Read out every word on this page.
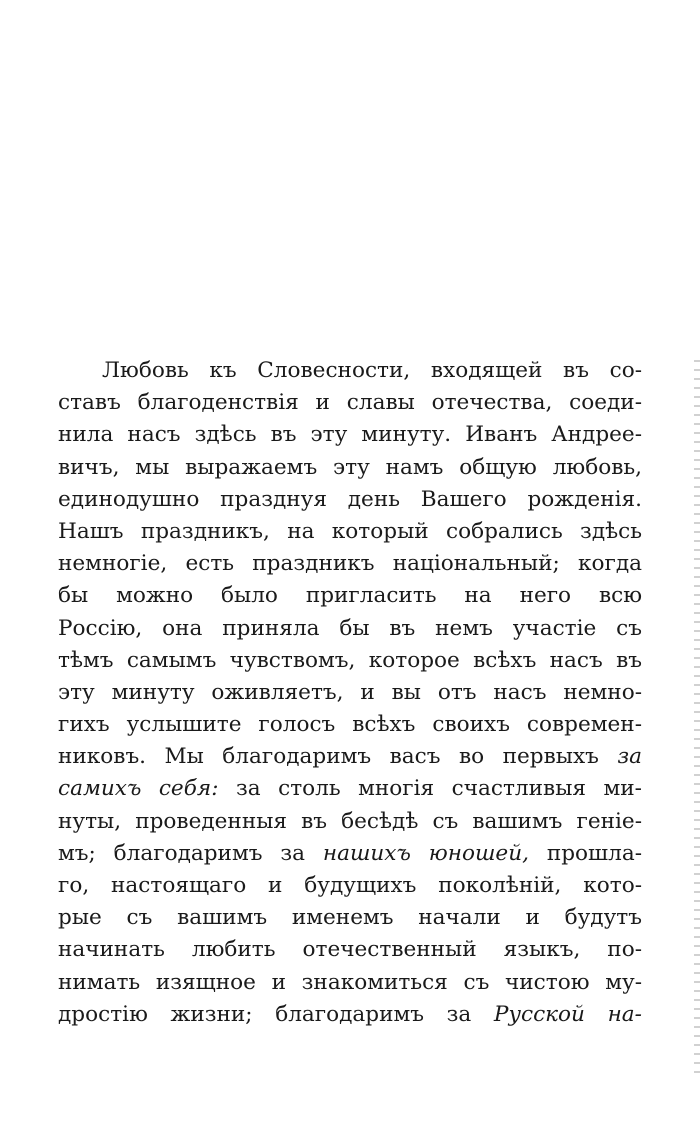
Любовь къ Словесности, входящей въ со-
ставъ благоденствія и славы отечества, соеди-
нила насъ здѣсь въ эту минуту. Иванъ Андрее-
вичъ, мы выражаемъ эту намъ общую любовь,
единодушно празднуя день Вашего рожденія.
Нашъ праздникъ, на который собрались здѣсь
немногіе, есть праздникъ національный; когда
бы можно было пригласить на него всю
Россію, она приняла бы въ немъ участіе съ
тѣмъ самымъ чувствомъ, которое всѣхъ насъ въ
эту минуту оживляетъ, и вы отъ насъ немно-
гихъ услышите голосъ всѣхъ своихъ современ-
никовъ. Мы благодаримъ васъ во первыхъ за
самихъ себя: за столь многія счастливыя ми-
нуты, проведенныя въ бесѣдѣ съ вашимъ геніе-
мъ; благодаримъ за нашихъ юношей, прошла-
го, настоящаго и будущихъ поколѣній, кото-
рые съ вашимъ именемъ начали и будутъ
начинать любить отечественный языкъ, по-
нимать изящное и знакомиться съ чистою му-
дростію жизни; благодаримъ за Русской на-
